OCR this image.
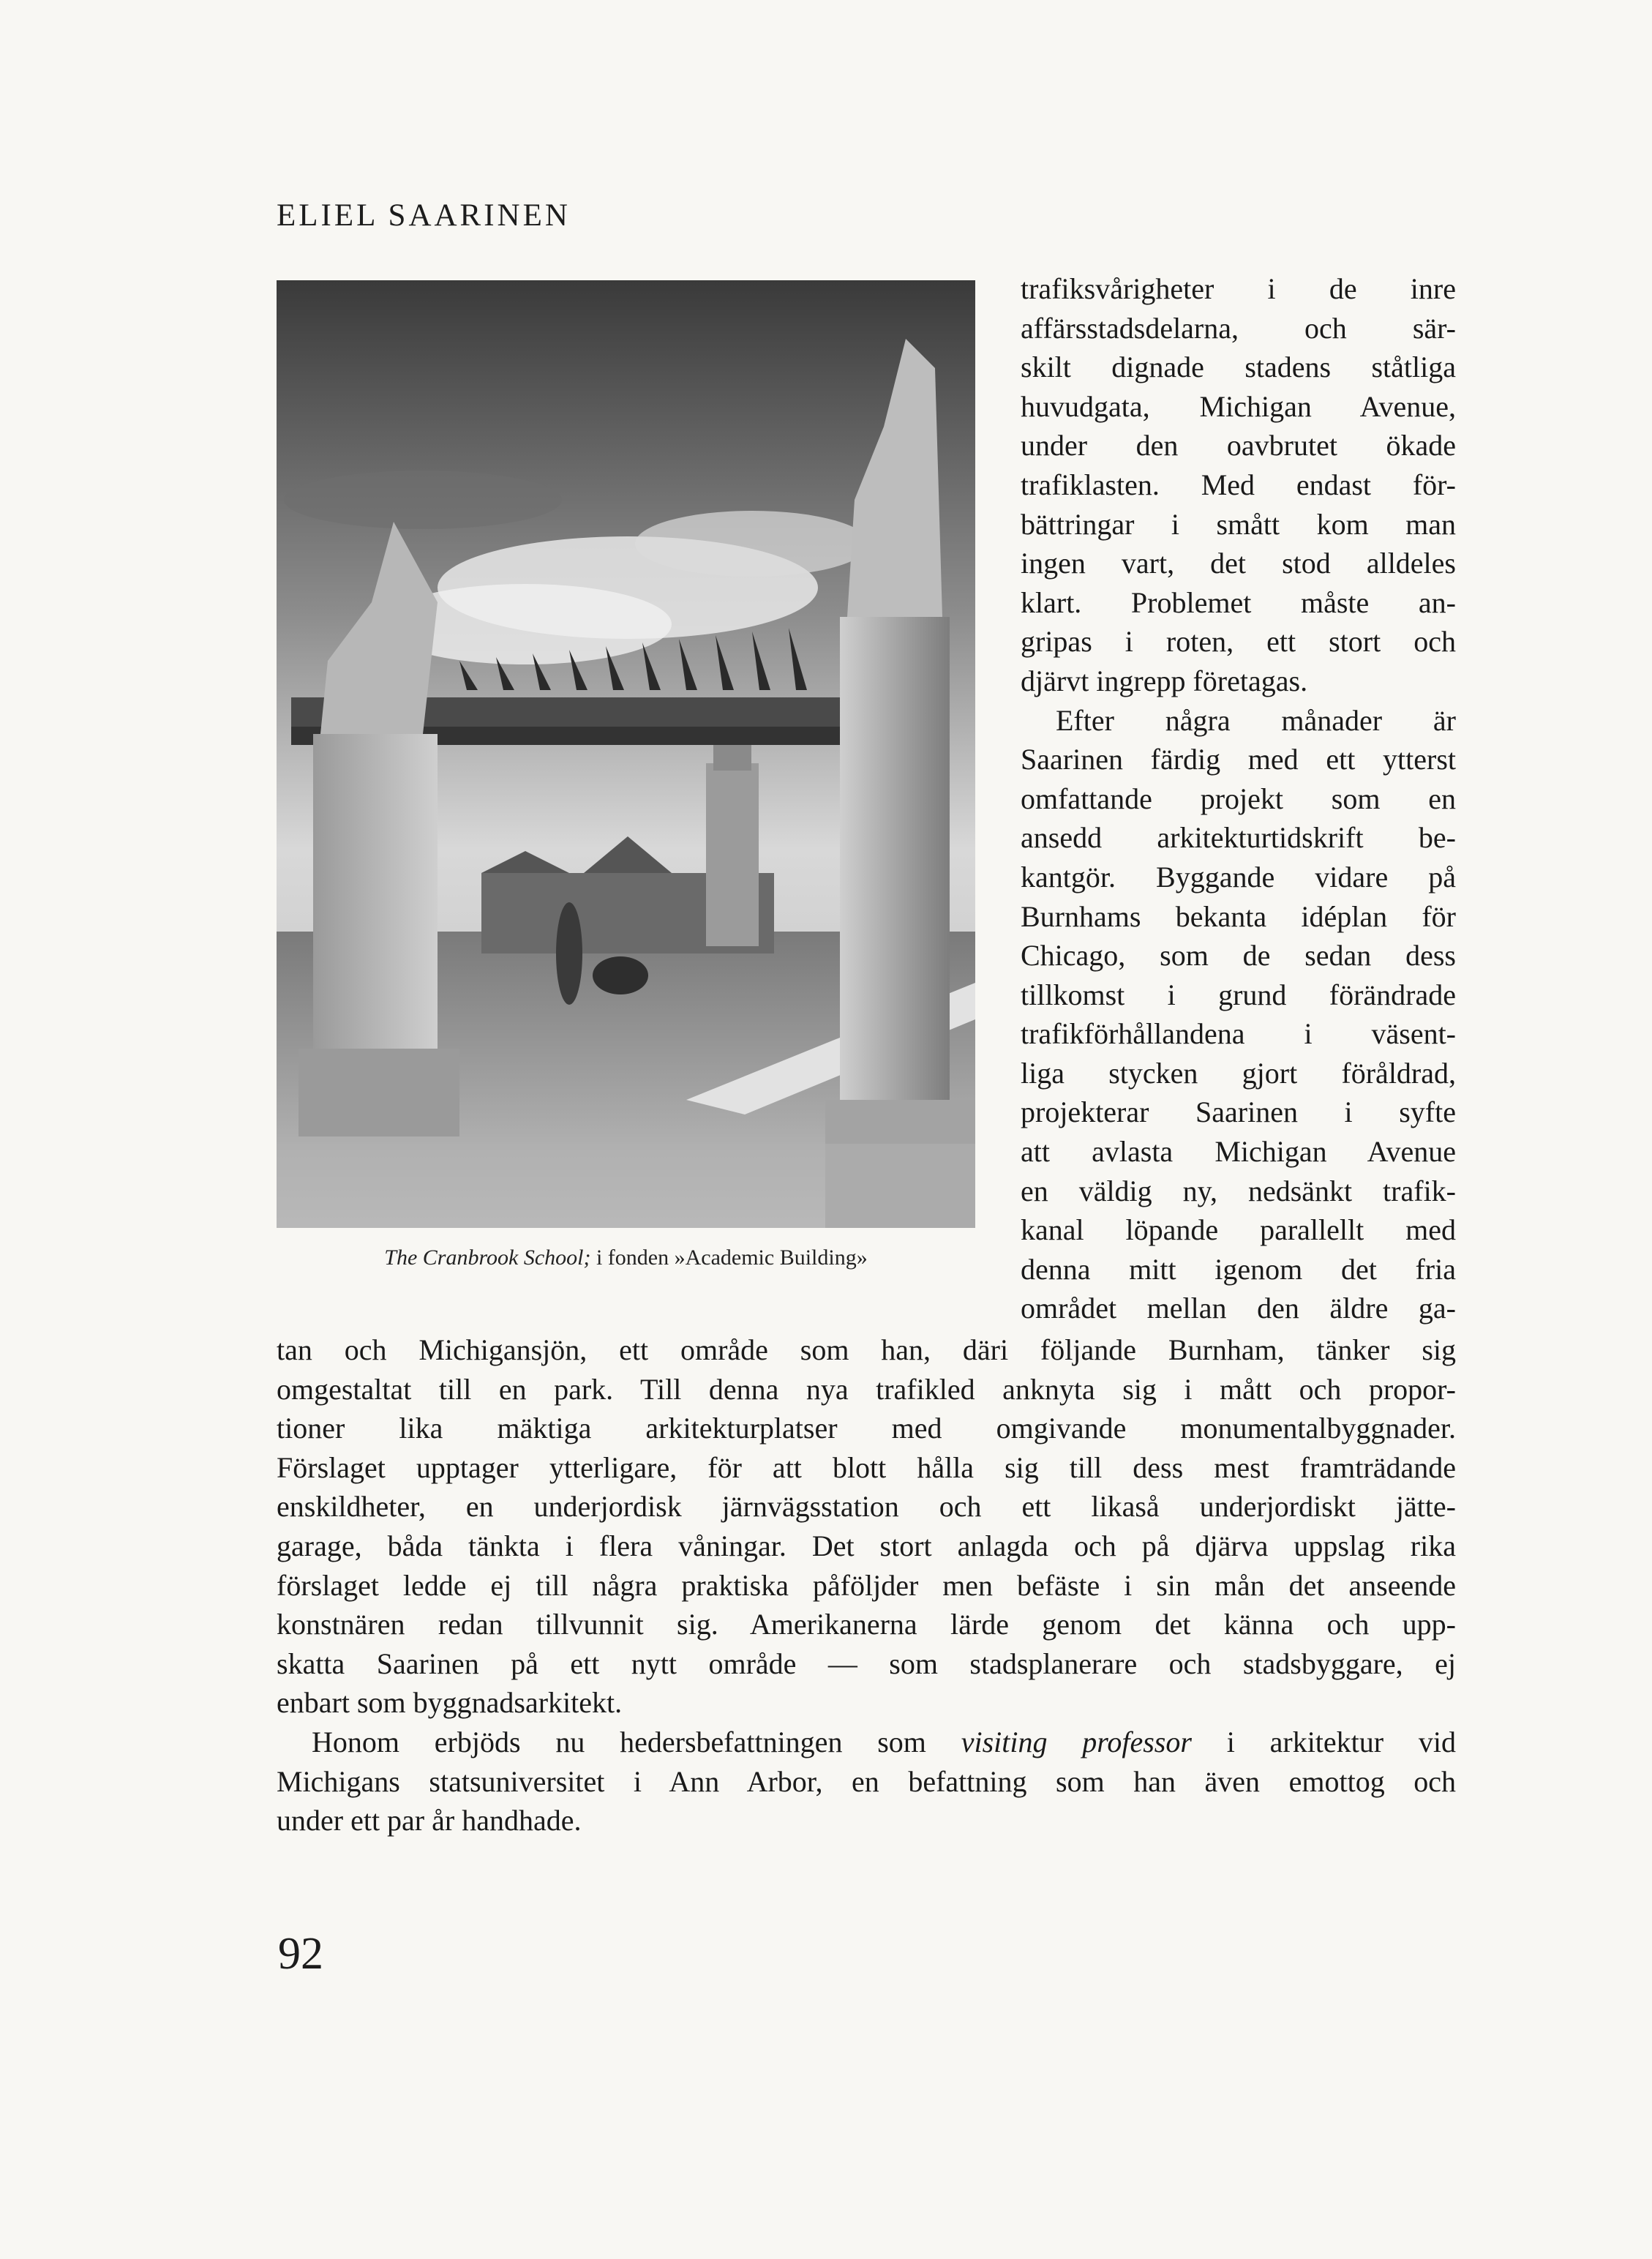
ELIEL SAARINEN
The Cranbrook School; i fonden »Academic Building»
trafiksvårigheter i de inre
affärsstadsdelarna, och sär-
skilt dignade stadens ståtliga
huvudgata, Michigan Avenue,
under den oavbrutet ökade
trafiklasten. Med endast för-
bättringar i smått kom man
ingen vart, det stod alldeles
klart. Problemet måste an-
gripas i roten, ett stort och
djärvt ingrepp företagas.
Efter några månader är
Saarinen färdig med ett ytterst
omfattande projekt som en
ansedd arkitekturtidskrift be-
kantgör. Byggande vidare på
Burnhams bekanta idéplan för
Chicago, som de sedan dess
tillkomst i grund förändrade
trafikförhållandena i väsent-
liga stycken gjort föråldrad,
projekterar Saarinen i syfte
att avlasta Michigan Avenue
en väldig ny, nedsänkt trafik-
kanal löpande parallellt med
denna mitt igenom det fria
området mellan den äldre ga-
tan och Michigansjön, ett område som han, däri följande Burnham, tänker sig
omgestaltat till en park. Till denna nya trafikled anknyta sig i mått och propor-
tioner lika mäktiga arkitekturplatser med omgivande monumentalbyggnader.
Förslaget upptager ytterligare, för att blott hålla sig till dess mest framträdande
enskildheter, en underjordisk järnvägsstation och ett likaså underjordiskt jätte-
garage, båda tänkta i flera våningar. Det stort anlagda och på djärva uppslag rika
förslaget ledde ej till några praktiska påföljder men befäste i sin mån det anseende
konstnären redan tillvunnit sig. Amerikanerna lärde genom det känna och upp-
skatta Saarinen på ett nytt område — som stadsplanerare och stadsbyggare, ej
enbart som byggnadsarkitekt.
Honom erbjöds nu hedersbefattningen som visiting professor i arkitektur vid
Michigans statsuniversitet i Ann Arbor, en befattning som han även emottog och
under ett par år handhade.
92
